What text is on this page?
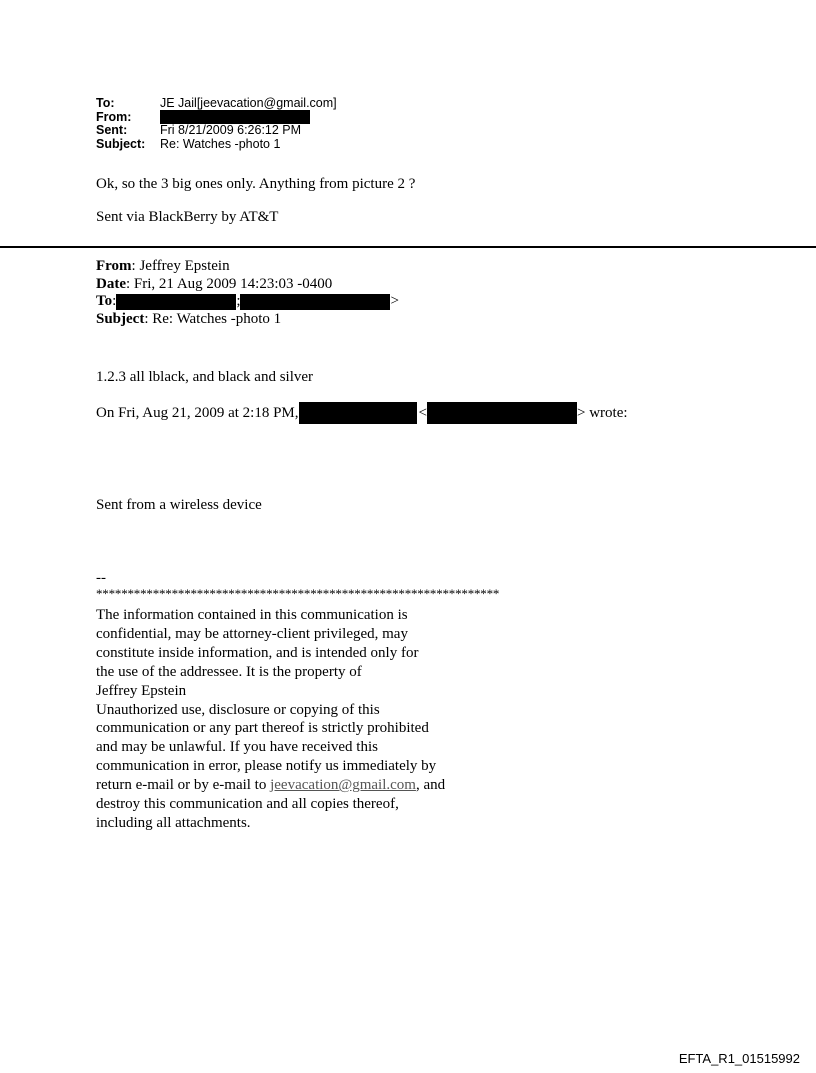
To:	JE Jail[jeevacation@gmail.com]
From:
Sent:	Fri 8/21/2009 6:26:12 PM
Subject:	Re: Watches -photo 1
Ok, so the 3 big ones only. Anything from picture 2 ?
Sent via BlackBerry by AT&T
From : Jeffrey Epstein
Date : Fri, 21 Aug 2009 14:23:03 -0400
To :	;	>
Subject : Re: Watches -photo 1
1.2.3 all lblack, and black and silver
On Fri, Aug 21, 2009 at 2:18 PM,	<	> wrote:
Sent from a wireless device
--
****************************************************************
The information contained in this communication is
confidential, may be attorney-client privileged, may
constitute inside information, and is intended only for
the use of the addressee. It is the property of
Jeffrey Epstein
Unauthorized use, disclosure or copying of this
communication or any part thereof is strictly prohibited
and may be unlawful. If you have received this
communication in error, please notify us immediately by
return e-mail or by e-mail to jeevacation@gmail.com, and
destroy this communication and all copies thereof,
including all attachments.
EFTA_R1_01515992
